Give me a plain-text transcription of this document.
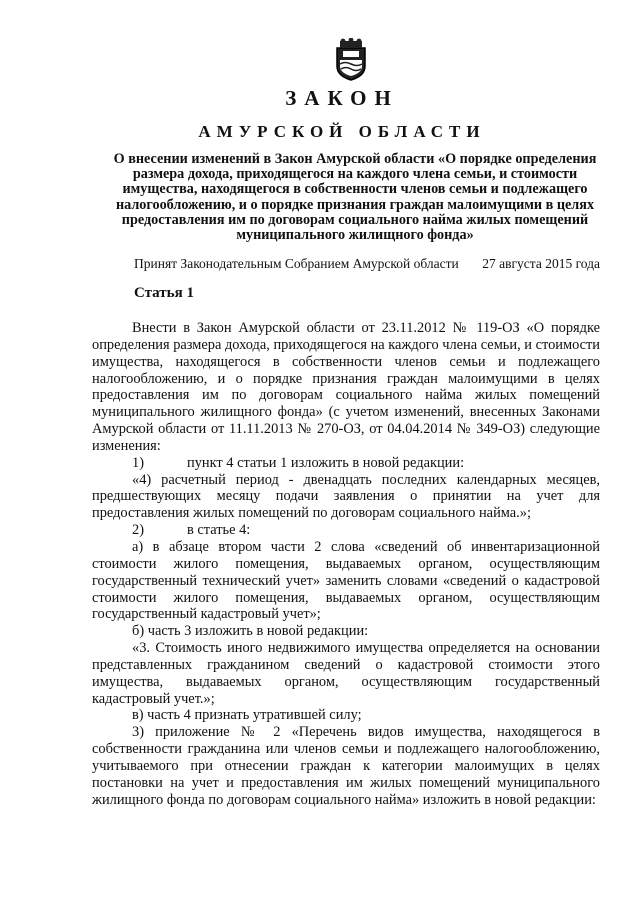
ЗАКОН
АМУРСКОЙ ОБЛАСТИ
О внесении изменений в Закон Амурской области «О порядке определения размера дохода, приходящегося на каждого члена семьи, и стоимости имущества, находящегося в собственности членов семьи и подлежащего налогообложению, и о порядке признания граждан малоимущими в целях предоставления им по договорам социального найма жилых помещений муниципального жилищного фонда»
Принят Законодательным Собранием Амурской области 27 августа 2015 года
Статья 1

Внести в Закон Амурской области от 23.11.2012 № 119-ОЗ «О порядке определения размера дохода, приходящегося на каждого члена семьи, и стоимости имущества, находящегося в собственности членов семьи и подлежащего налогообложению, и о порядке признания граждан малоимущими в целях предоставления им по договорам социального найма жилых помещений муниципального жилищного фонда» (с учетом изменений, внесенных Законами Амурской области от 11.11.2013 № 270-ОЗ, от 04.04.2014 № 349-ОЗ) следующие изменения:

1)	пункт 4 статьи 1 изложить в новой редакции:

«4) расчетный период - двенадцать последних календарных месяцев, предшествующих месяцу подачи заявления о принятии на учет для предоставления жилых помещений по договорам социального найма.»;

2)	в статье 4:

а) в абзаце втором части 2 слова «сведений об инвентаризационной стоимости жилого помещения, выдаваемых органом, осуществляющим государственный технический учет» заменить словами «сведений о кадастровой стоимости жилого помещения, выдаваемых органом, осуществляющим государственный кадастровый учет»;

б) часть 3 изложить в новой редакции:

«3. Стоимость иного недвижимого имущества определяется на основании представленных гражданином сведений о кадастровой стоимости этого имущества, выдаваемых органом, осуществляющим государственный кадастровый учет.»;

в) часть 4 признать утратившей силу;

3) приложение № 2 «Перечень видов имущества, находящегося в собственности гражданина или членов семьи и подлежащего налогообложению, учитываемого при отнесении граждан к категории малоимущих в целях постановки на учет и предоставления им жилых помещений муниципального жилищного фонда по договорам социального найма» изложить в новой редакции:
